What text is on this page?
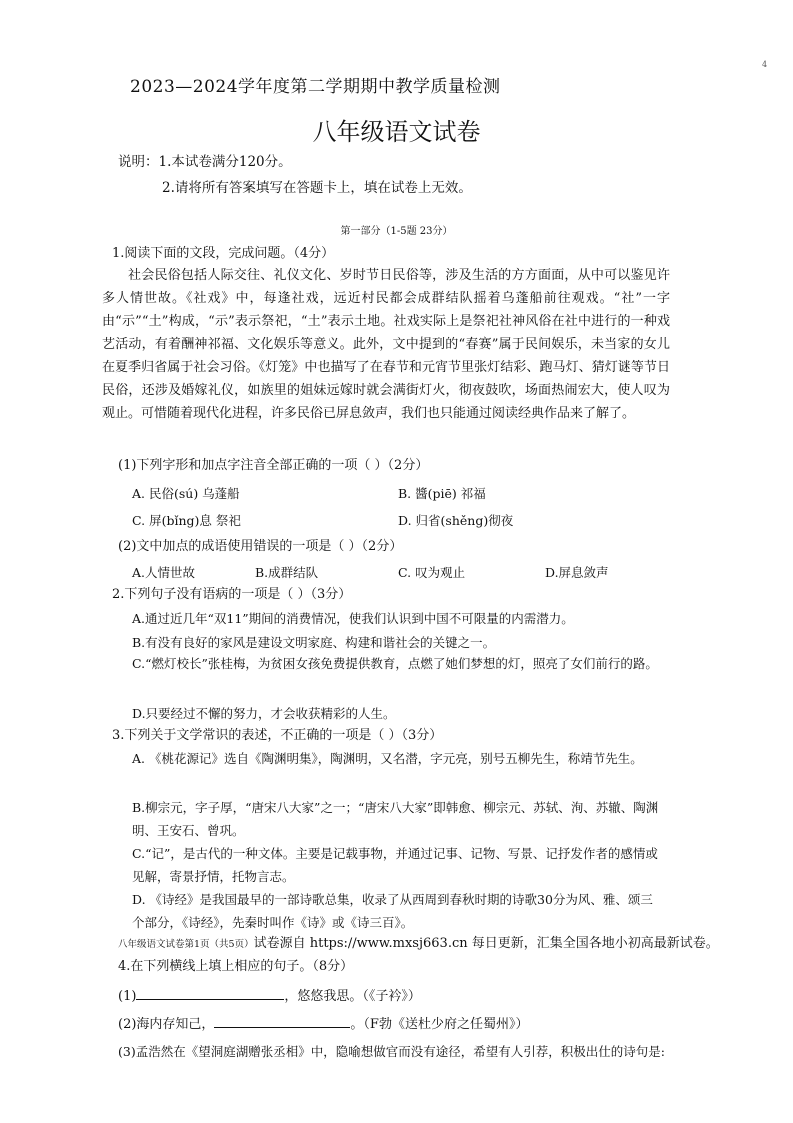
4
2023—2024学年度第二学期期中教学质量检测
八年级语文试卷
说明：1.本试卷满分120分。
2.请将所有答案填写在答题卡上，填在试卷上无效。
第一部分（1-5题 23分）
1.阅读下面的文段，完成问题。（4分）
社会民俗包括人际交往、礼仪文化、岁时节日民俗等，涉及生活的方方面面，从中可以鉴见许多人情世故。《社戏》中，每逢社戏，远近村民都会成群结队摇着乌蓬船前往观戏。“社”一字由“示”“土”构成，“示”表示祭祀，“土”表示土地。社戏实际上是祭祀社神风俗在社中进行的一种戏艺活动，有着酬神祁福、文化娱乐等意义。此外，文中提到的“春赛”属于民间娱乐，未当家的女儿在夏季归省属于社会习俗。《灯笼》中也描写了在春节和元宵节里张灯结彩、跑马灯、猜灯谜等节日民俗，还涉及婚嫁礼仪，如族里的姐妹远嫁时就会满街灯火，彻夜鼓吹，场面热闹宏大，使人叹为观止。可惜随着现代化进程，许多民俗已屏息敛声，我们也只能通过阅读经典作品来了解了。
(1)下列字形和加点字注音全部正确的一项（ ）（2分）
A. 民俗(sú) 乌蓬船	B. 醬(piē) 祁福
C. 屏(bǐng)息 祭祀	D. 归省(shěng)彻夜
(2)文中加点的成语使用错误的一项是（ ）（2分）
A.人情世故	B.成群结队	C. 叹为观止	D.屏息敛声
2.下列句子没有语病的一项是（ ）（3分）
A.通过近几年“双11”期间的消费情况，使我们认识到中国不可限量的内需潜力。
B.有没有良好的家风是建设文明家庭、构建和谐社会的关键之一。
C.“燃灯校长”张桂梅，为贫困女孩免费提供教育，点燃了她们梦想的灯，照亮了女们前行的路。
D.只要经过不懈的努力，才会收获精彩的人生。
3.下列关于文学常识的表述，不正确的一项是（ ）（3分）
A. 《桃花源记》选自《陶渊明集》，陶渊明，又名潜，字元亮，别号五柳先生，称靖节先生。
B.柳宗元，字子厚，“唐宋八大家”之一；“唐宋八大家”即韩愈、柳宗元、苏轼、洵、苏辙、陶渊明、王安石、曾巩。
C.“记”，是古代的一种文体。主要是记载事物，并通过记事、记物、写景、记抒发作者的感情或见解，寄景抒情，托物言志。
D. 《诗经》是我国最早的一部诗歌总集，收录了从西周到春秋时期的诗歌30分为风、雅、颂三个部分，《诗经》，先秦时叫作《诗》或《诗三百》。
八年级语文试卷第1页（共5页）试卷源自 https://www.mxsj663.cn 每日更新，汇集全国各地小初高最新试卷。4.在下列横线上填上相应的句子。（8分）
(1)	，悠悠我思。（《子衿》）
(2)海内存知己，	。（F勃《送杜少府之任蜀州》）
(3)孟浩然在《望洞庭湖赠张丞相》中，隐喻想做官而没有途径，希望有人引荐，积极出仕的诗句是:
